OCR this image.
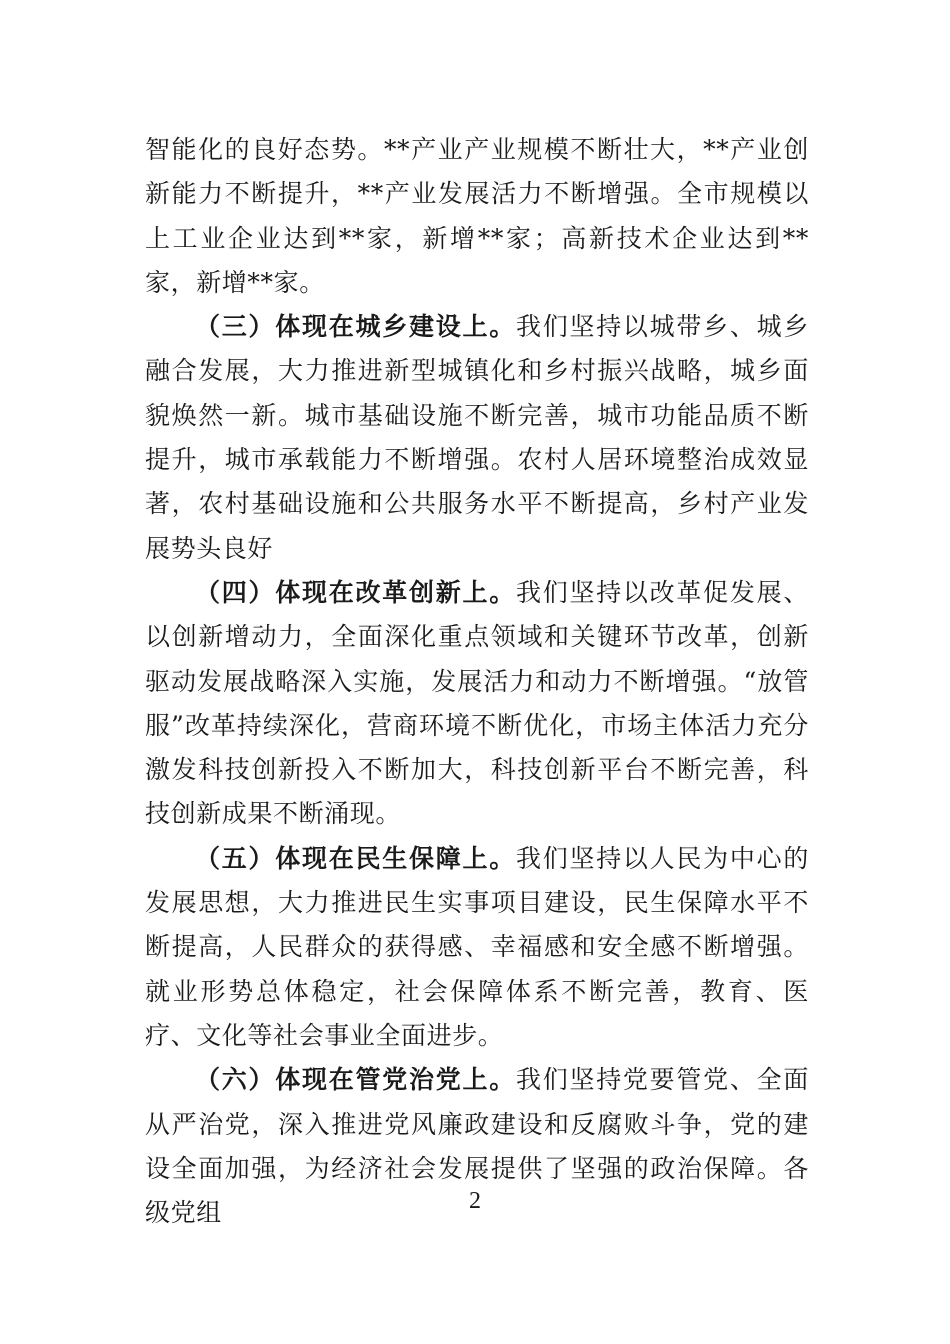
智能化的良好态势。**产业产业规模不断壮大，**产业创新能力不断提升，**产业发展活力不断增强。全市规模以上工业企业达到**家，新增**家；高新技术企业达到**家，新增**家。

（三）体现在城乡建设上。我们坚持以城带乡、城乡融合发展，大力推进新型城镇化和乡村振兴战略，城乡面貌焕然一新。城市基础设施不断完善，城市功能品质不断提升，城市承载能力不断增强。农村人居环境整治成效显著，农村基础设施和公共服务水平不断提高，乡村产业发展势头良好

（四）体现在改革创新上。我们坚持以改革促发展、以创新增动力，全面深化重点领域和关键环节改革，创新驱动发展战略深入实施，发展活力和动力不断增强。“放管服”改革持续深化，营商环境不断优化，市场主体活力充分激发科技创新投入不断加大，科技创新平台不断完善，科技创新成果不断涌现。

（五）体现在民生保障上。我们坚持以人民为中心的发展思想，大力推进民生实事项目建设，民生保障水平不断提高，人民群众的获得感、幸福感和安全感不断增强。就业形势总体稳定，社会保障体系不断完善，教育、医疗、文化等社会事业全面进步。

（六）体现在管党治党上。我们坚持党要管党、全面从严治党，深入推进党风廉政建设和反腐败斗争，党的建设全面加强，为经济社会发展提供了坚强的政治保障。各级党组	2
